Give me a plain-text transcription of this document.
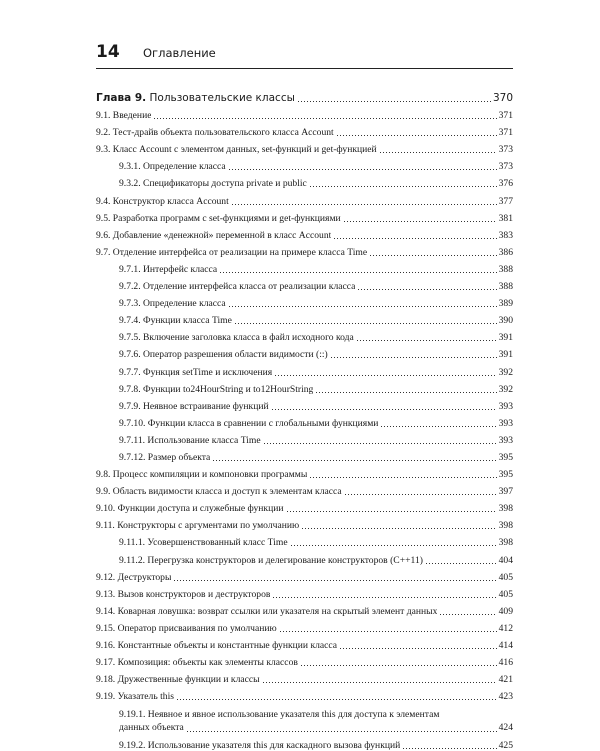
14 Оглавление
Глава 9. Пользовательские классы	370
9.1. Введение	371
9.2. Тест-драйв объекта пользовательского класса Account	371
9.3. Класс Account с элементом данных, set-функций и get-функцией	373
9.3.1. Определение класса	373
9.3.2. Спецификаторы доступа private и public	376
9.4. Конструктор класса Account	377
9.5. Разработка программ с set-функциями и get-функциями	381
9.6. Добавление «денежной» переменной в класс Account	383
9.7. Отделение интерфейса от реализации на примере класса Time	386
9.7.1. Интерфейс класса	388
9.7.2. Отделение интерфейса класса от реализации класса	388
9.7.3. Определение класса	389
9.7.4. Функции класса Time	390
9.7.5. Включение заголовка класса в файл исходного кода	391
9.7.6. Оператор разрешения области видимости (::)	391
9.7.7. Функция setTime и исключения	392
9.7.8. Функции to24HourString и to12HourString	392
9.7.9. Неявное встраивание функций	393
9.7.10. Функции класса в сравнении с глобальными функциями	393
9.7.11. Использование класса Time	393
9.7.12. Размер объекта	395
9.8. Процесс компиляции и компоновки программы	395
9.9. Область видимости класса и доступ к элементам класса	397
9.10. Функции доступа и служебные функции	398
9.11. Конструкторы с аргументами по умолчанию	398
9.11.1. Усовершенствованный класс Time	398
9.11.2. Перегрузка конструкторов и делегирование конструкторов (C++11)	404
9.12. Деструкторы	405
9.13. Вызов конструкторов и деструкторов	405
9.14. Коварная ловушка: возврат ссылки или указателя на скрытый элемент данных	409
9.15. Оператор присваивания по умолчанию	412
9.16. Константные объекты и константные функции класса	414
9.17. Композиция: объекты как элементы классов	416
9.18. Дружественные функции и классы	421
9.19. Указатель this	423
9.19.1. Неявное и явное использование указателя this для доступа к элементам
данных объекта	424
9.19.2. Использование указателя this для каскадного вызова функций	425
